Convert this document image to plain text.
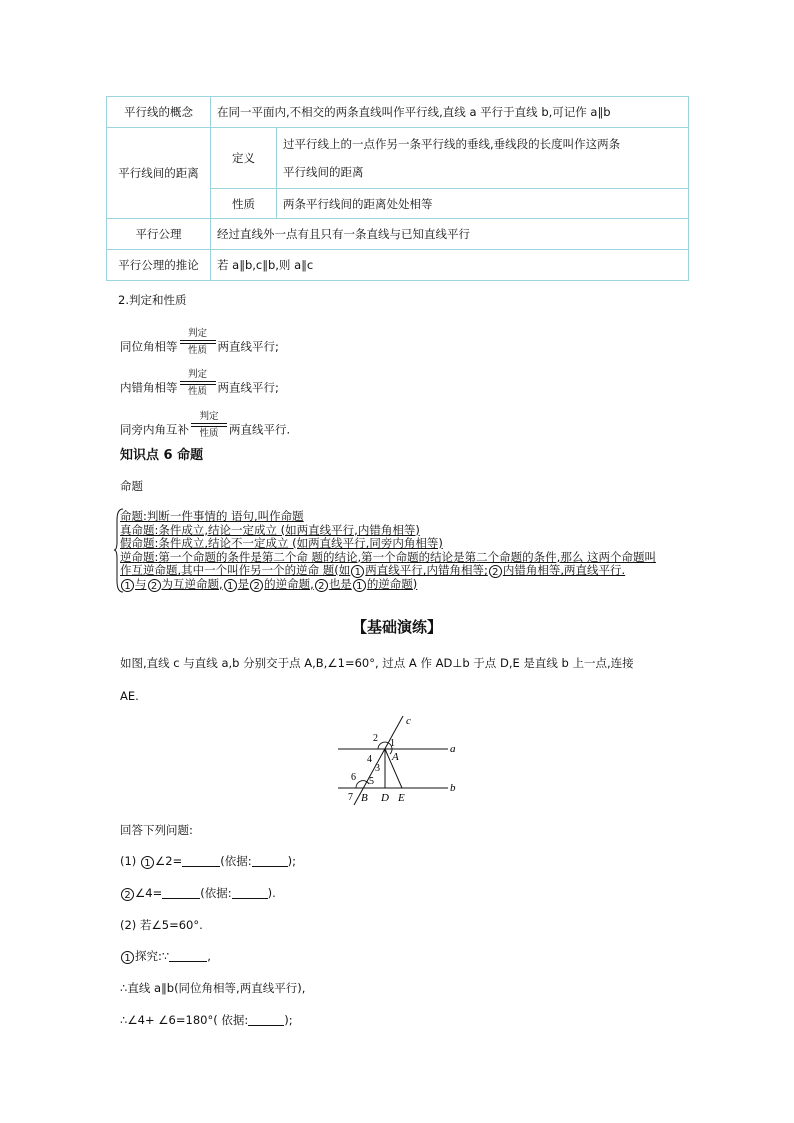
平行线的概念	在同一平面内,不相交的两条直线叫作平行线,直线 a 平行于直线 b,可记作 a∥b	
平行线间的距离	定义	过平行线上的一点作另一条平行线的垂线,垂线段的长度叫作这两条
平行线间的距离
	性质	两条平行线间的距离处处相等
平行公理	经过直线外一点有且只有一条直线与已知直线平行	
平行公理的推论	若 a∥b,c∥b,则 a∥c	
2.判定和性质
同位角相等
判定
性质 两直线平行;
内错角相等
判定
性质 两直线平行;
同旁内角互补
判定
性质 两直线平行.
知识点 6 命题
命题
命题:判断一件事情的 语句,叫作命题
真命题:条件成立,结论一定成立 (如两直线平行,内错角相等)
假命题:条件成立,结论不一定成立 (如两直线平行,同旁内角相等)
逆命题:第一个命题的条件是第二个命 题的结论,第一个命题的结论是第二个命题的条件,那么 这两个命题叫
作互逆命题,其中一个叫作另一个的逆命 题(如 1 两直线平行,内错角相等; 2 内错角相等,两直线平行.
1 与 2 为互逆命题, 1 是 2 的逆命题, 2 也是 1 的逆命题)
【基础演练】
如图,直线 c 与直线 a,b 分别交于点 A,B,∠1=60°, 过点 A 作 AD⊥b 于点 D,E 是直线 b 上一点,连接
AE.
c
a
b
A
B D E
1
2
3
4
5
6
7
回答下列问题:
(1) 1 ∠2=	(依据:	);
2 ∠4=	(依据:	).
(2) 若∠5=60°.
1 探究:∵	,
∴直线 a∥b(同位角相等,两直线平行),
∴∠4+ ∠6=180°( 依据:	);
